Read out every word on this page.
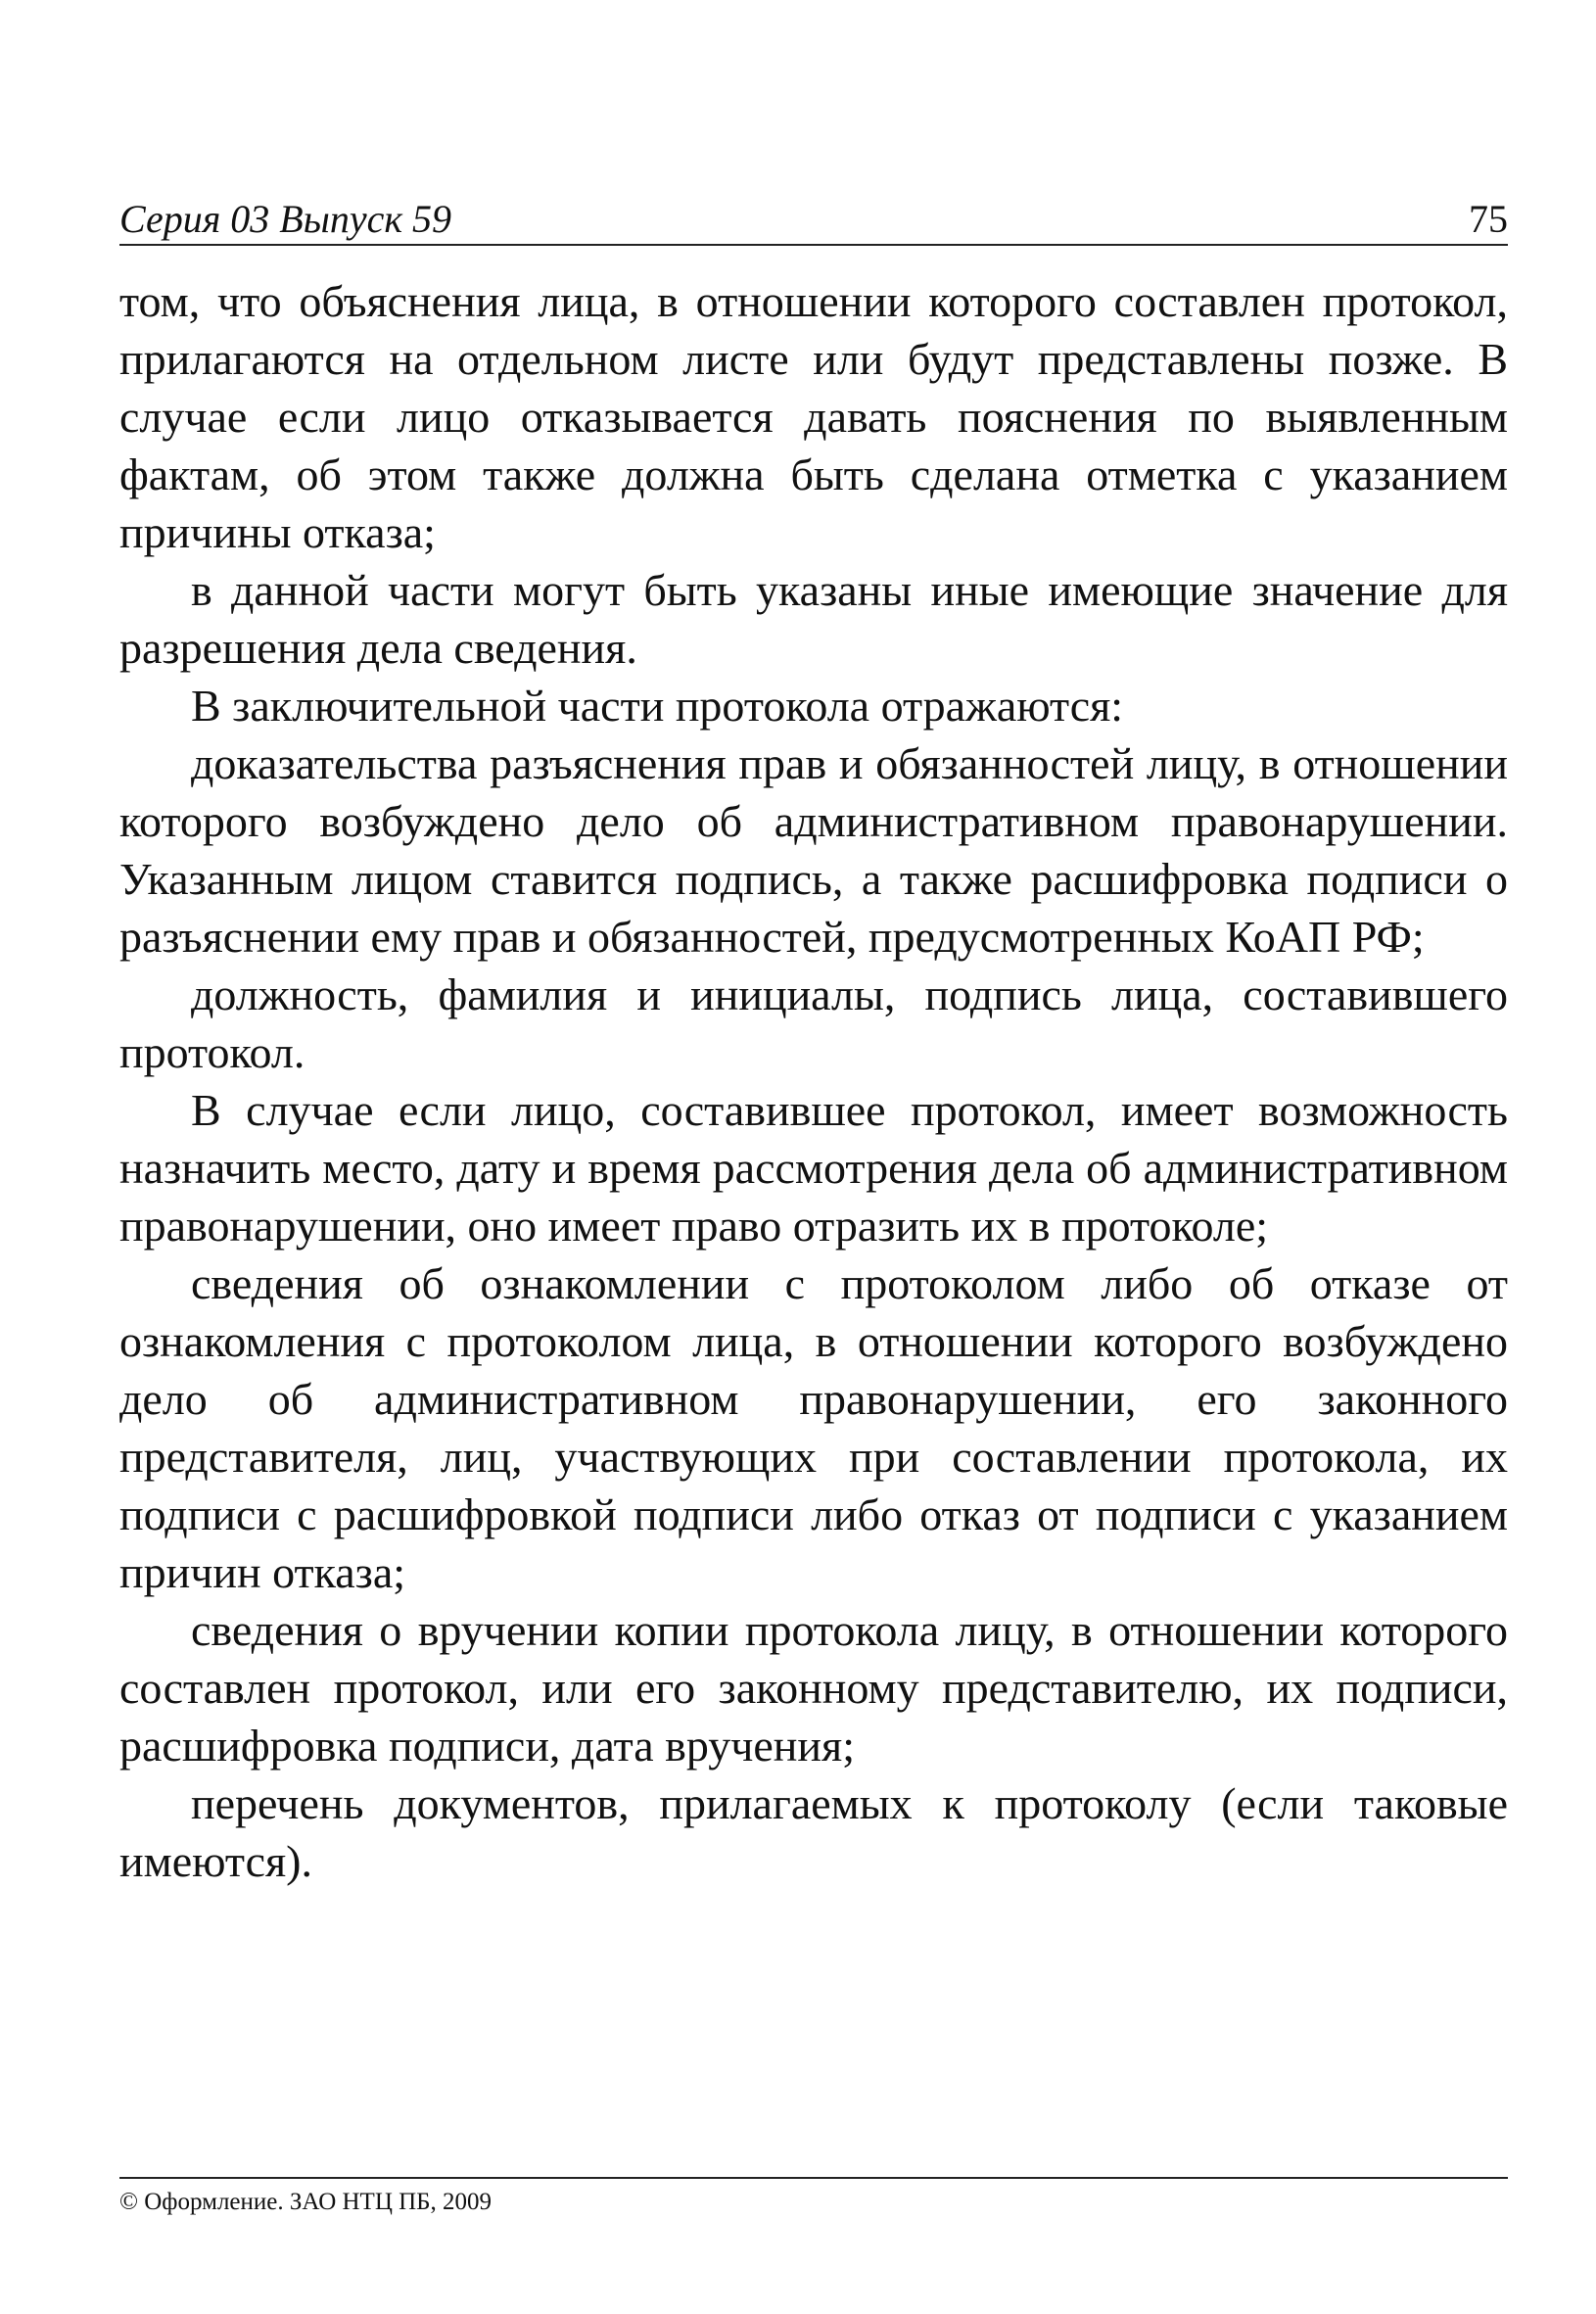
Серия 03 Выпуск 59	75

том, что объяснения лица, в отношении которого составлен протокол, прилагаются на отдельном листе или будут представлены позже. В случае если лицо отказывается давать пояснения по выявленным фактам, об этом также должна быть сделана отметка с указанием причины отказа;

в данной части могут быть указаны иные имеющие значение для разрешения дела сведения.

В заключительной части протокола отражаются:

доказательства разъяснения прав и обязанностей лицу, в отношении которого возбуждено дело об административном правонарушении. Указанным лицом ставится подпись, а также расшифровка подписи о разъяснении ему прав и обязанностей, предусмотренных КоАП РФ;

должность, фамилия и инициалы, подпись лица, составившего протокол.

В случае если лицо, составившее протокол, имеет возможность назначить место, дату и время рассмотрения дела об административном правонарушении, оно имеет право отразить их в протоколе;

сведения об ознакомлении с протоколом либо об отказе от ознакомления с протоколом лица, в отношении которого возбуждено дело об административном правонарушении, его законного представителя, лиц, участвующих при составлении протокола, их подписи с расшифровкой подписи либо отказ от подписи с указанием причин отказа;

сведения о вручении копии протокола лицу, в отношении которого составлен протокол, или его законному представителю, их подписи, расшифровка подписи, дата вручения;

перечень документов, прилагаемых к протоколу (если таковые имеются).

© Оформление. ЗАО НТЦ ПБ, 2009
